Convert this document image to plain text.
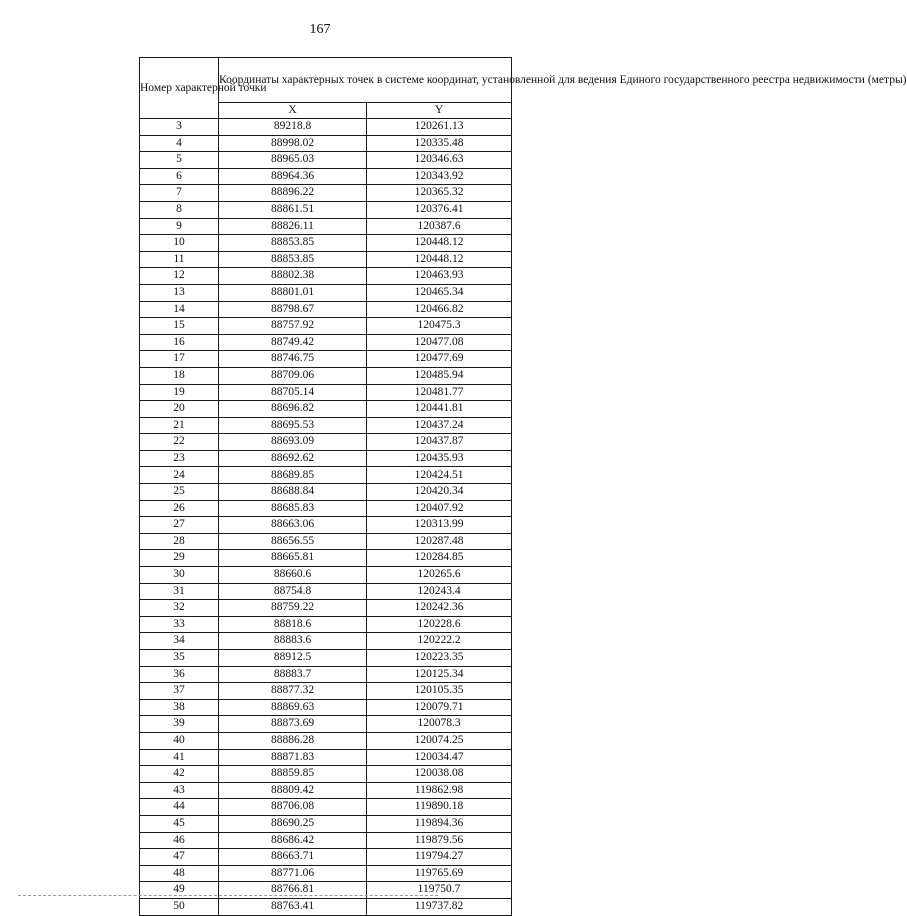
167
Номер характерной точки	Координаты характерных точек в системе координат, установленной для ведения Единого государственного реестра недвижимости (метры)	
	X	Y
3	89218.8	120261.13
4	88998.02	120335.48
5	88965.03	120346.63
6	88964.36	120343.92
7	88896.22	120365.32
8	88861.51	120376.41
9	88826.11	120387.6
10	88853.85	120448.12
11	88853.85	120448.12
12	88802.38	120463.93
13	88801.01	120465.34
14	88798.67	120466.82
15	88757.92	120475.3
16	88749.42	120477.08
17	88746.75	120477.69
18	88709.06	120485.94
19	88705.14	120481.77
20	88696.82	120441.81
21	88695.53	120437.24
22	88693.09	120437.87
23	88692.62	120435.93
24	88689.85	120424.51
25	88688.84	120420.34
26	88685.83	120407.92
27	88663.06	120313.99
28	88656.55	120287.48
29	88665.81	120284.85
30	88660.6	120265.6
31	88754.8	120243.4
32	88759.22	120242.36
33	88818.6	120228.6
34	88883.6	120222.2
35	88912.5	120223.35
36	88883.7	120125.34
37	88877.32	120105.35
38	88869.63	120079.71
39	88873.69	120078.3
40	88886.28	120074.25
41	88871.83	120034.47
42	88859.85	120038.08
43	88809.42	119862.98
44	88706.08	119890.18
45	88690.25	119894.36
46	88686.42	119879.56
47	88663.71	119794.27
48	88771.06	119765.69
49	88766.81	119750.7
50	88763.41	119737.82
